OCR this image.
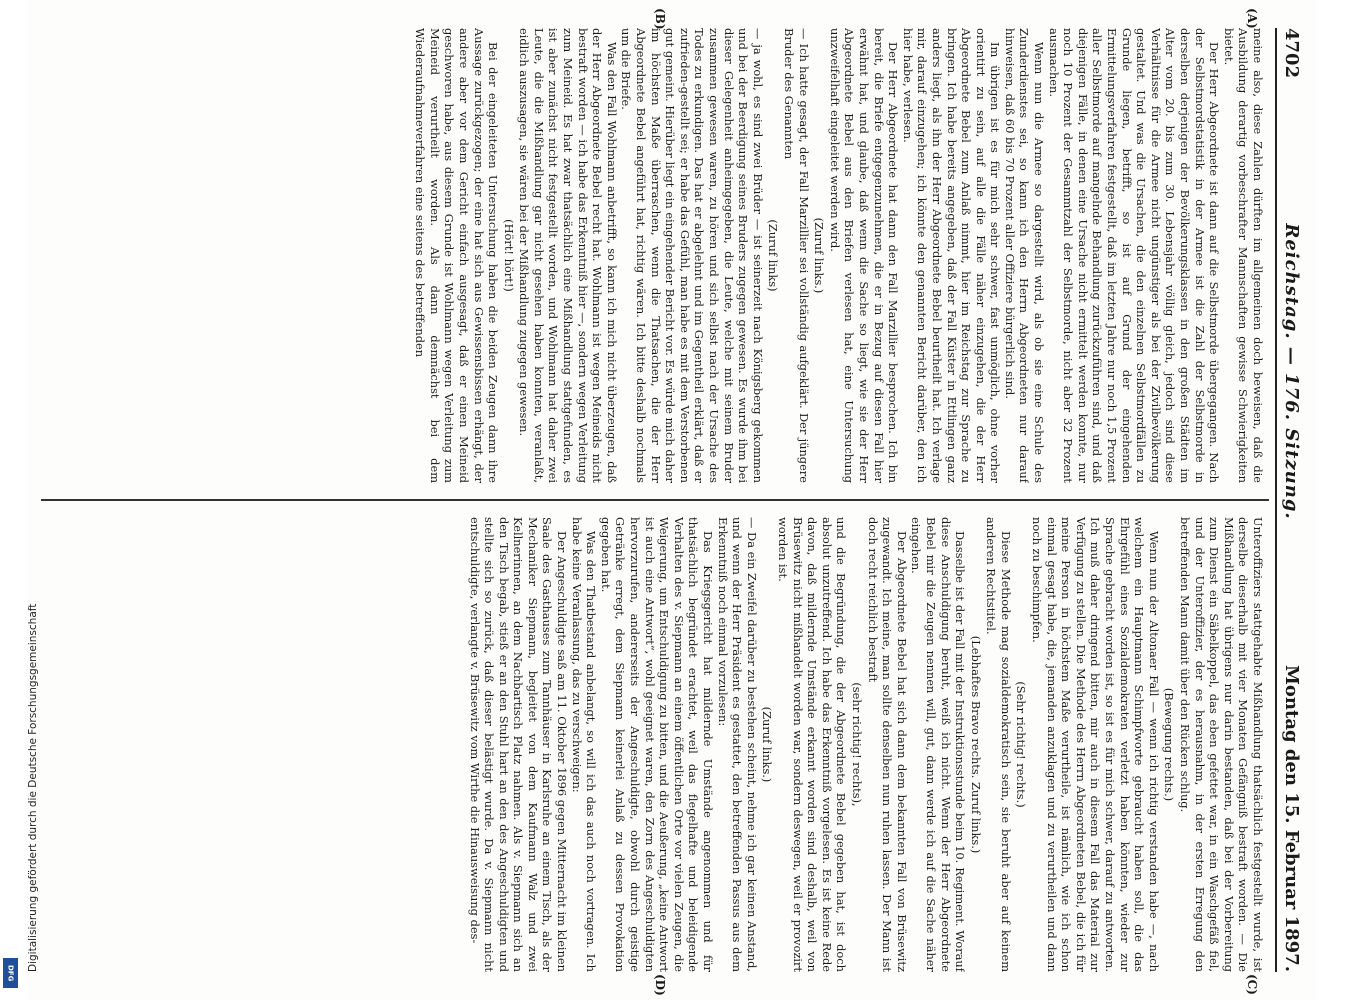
4702
Reichstag. — 176. Sitzung.
Montag den 15. Februar 1897.
(A)
(B)
(C)
(D)

meine also, diese Zahlen dürften im allgemeinen doch beweisen, daß die Ausbildung derartig vorbeschrafter Mannschaften gewisse Schwierigkeiten bietet.

Der Herr Abgeordnete ist dann auf die Selbstmorde übergegangen. Nach der Selbstmordstatistik in der Armee ist die Zahl der Selbstmorde in derselben derjenigen der Bevölkerungsklassen in den großen Städten im Alter vom 20. bis zum 30. Lebensjahr völlig gleich, jedoch sind diese Verhältnisse für die Armee nicht ungünstiger als bei der Zivilbevölkerung gestaltet. Und was die Ursachen, die den einzelnen Selbstmordfällen zu Grunde liegen, betrifft, so ist auf Grund der eingehenden Ermittelungsverfahren festgestellt, daß im letzten Jahre nur noch 1,5 Prozent aller Selbstmorde auf mangelnde Behandlung zurückzuführen sind, und daß diejenigen Fälle, in denen eine Ursache nicht ermittelt werden konnte, nur noch 10 Prozent der Gesammtzahl der Selbstmorde, nicht aber 32 Prozent ausmachen.

Wenn nun die Armee so dargestellt wird, als ob sie eine Schule des Zunderdienstes sei, so kann ich den Herrn Abgeordneten nur darauf hinweisen, daß 60 bis 70 Prozent aller Offiziere bürgerlich sind.

Im übrigen ist es für mich sehr schwer, fast unmöglich, ohne vorher orientirt zu sein, auf alle die Fälle näher einzugehen, die der Herr Abgeordnete Bebel zum Anlaß nimmt, hier im Reichstag zur Sprache zu bringen. Ich habe bereits angegeben, daß der Fall Küster in Ettlingen ganz anders liegt, als ihn der Herr Abgeordnete Bebel beurtheilt hat. Ich verlage mir, darauf einzugehen; ich könnte den genannten Bericht darüber, den ich hier habe, verlesen.

Der Herr Abgeordnete hat dann den Fall Marzillier besprochen. Ich bin bereit, die Briefe entgegenzunehmen, die er in Bezug auf diesen Fall hier erwähnt hat, und glaube, daß wenn die Sache so liegt, wie sie der Herr Abgeordnete Bebel aus den Briefen verlesen hat, eine Untersuchung unzweifelhaft eingeleitet werden wird.

(Zuruf links.)

— Ich hatte gesagt, der Fall Marzillier sei vollständig aufgeklärt. Der jüngere Bruder des Genannten

(Zuruf links)

— ja wohl, es sind zwei Brüder — ist seinerzeit nach Königsberg gekommen und bei der Beerdigung seines Bruders zugegen gewesen. Es wurde ihm bei dieser Gelegenheit anheimgegeben, die Leute, welche mit seinem Bruder zusammen gewesen waren, zu hören und sich selbst nach der Ursache des Todes zu erkundigen. Das hat er abgelehnt und im Gegentheil erklärt, daß er zufrieden-gestellt sei; er habe das Gefühl, man habe es mit dem Verstorbenen gut gemeint. Hierüber liegt ein eingehender Bericht vor. Es würde mich daher im höchsten Maße überraschen, wenn die Thatsachen, die der Herr Abgeordnete Bebel angeführt hat, richtig wären. Ich bitte deshalb nochmals um die Briefe.

Was den Fall Wohlmann anbetrifft, so kann ich mich nicht überzeugen, daß der Herr Abgeordnete Bebel recht hat. Wohlmann ist wegen Meineids nicht bestraft worden — ich habe das Erkenntniß hier —, sondern wegen Verleitung zum Meineid. Es hat zwar thatsächlich eine Mißhandlung stattgefunden, es ist aber zunächst nicht festgestellt worden, und Wohlmann hat daher zwei Leute, die die Mißhandlung gar nicht gesehen haben konnten, veranlaßt, eidlich auszusagen, sie wären bei der Mißhandlung zugegen gewesen.

(Hört! hört!)

Bei der eingeleiteten Untersuchung haben die beiden Zeugen dann ihre Aussage zurückgezogen; der eine hat sich aus Gewissensbissen erhängt, der andere aber vor dem Gericht einfach ausgesagt, daß er einen Meineid geschworen habe, aus diesem Grunde ist Wohlmann wegen Verleitung zum Meineid verurtheilt worden. Als dann demnächst bei dem Wiederaufnahmeverfahren eine seitens des betreffenden

Unteroffiziers stattgehabte Mißhandlung thatsächlich festgestellt wurde, ist derselbe dieserhalb mit vier Monaten Gefängniß bestraft worden. — Die Mißhandlung hat übrigens nur darin bestanden, daß bei der Vorbereitung zum Dienst ein Säbelkoppel, das eben gefettet war, in ein Waschgefäß fiel, und der Unteroffizier, der es herausnahm, in der ersten Erregung den betreffenden Mann damit über den Rücken schlug.

(Bewegung rechts.)

Wenn nun der Altonaer Fall — wenn ich richtig verstanden habe —, nach welchem ein Hauptmann Schimpfworte gebraucht haben soll, die das Ehrgefühl eines Sozialdemokraten verletzt haben könnten, wieder zur Sprache gebracht worden ist, so ist es für mich schwer, darauf zu antworten. Ich muß daher dringend bitten, mir auch in diesem Fall das Material zur Verfügung zu stellen. Die Methode des Herrn Abgeordneten Bebel, die ich für meine Person in höchstem Maße verurtheile, ist nämlich, wie ich schon einmal gesagt habe, die, jemanden anzuklagen und zu verurtheilen und dann noch zu beschimpfen.

(Sehr richtig! rechts.)

Diese Methode mag sozialdemokratisch sein, sie beruht aber auf keinem anderen Rechtstitel.

(Lebhaftes Bravo rechts. Zuruf links.)

Dasselbe ist der Fall mit der Instruktionsstunde beim 10. Regiment. Worauf diese Anschuldigung beruht, weiß ich nicht. Wenn der Herr Abgeordnete Bebel mir die Zeugen nennen will, gut, dann werde ich auf die Sache näher eingehen.

Der Abgeordnete Bebel hat sich dann dem bekannten Fall von Brüsewitz zugewandt. Ich meine, man sollte denselben nun ruhen lassen. Der Mann ist doch recht reichlich bestraft

(sehr richtig! rechts),

und die Begründung, die der Abgeordnete Bebel gegeben hat, ist doch absolut unzutreffend. Ich habe das Erkenntniß vorgelesen. Es ist keine Rede davon, daß mildernde Umstände erkannt worden sind deshalb, weil von Brüsewitz nicht mißhandelt worden war, sondern deswegen, weil er provozirt worden ist.

(Zuruf links.)

— Da ein Zweifel darüber zu bestehen scheint, nehme ich gar keinen Anstand, und wenn der Herr Präsident es gestattet, den betreffenden Passus aus dem Erkenntniß noch einmal vorzulesen:

Das Kriegsgericht hat mildernde Umstände angenommen und für thatsächlich begründet erachtet, weil das flegelhafte und beleidigende Verhalten des v. Siepmann an einem öffentlichen Orte vor vielen Zeugen, die Weigerung, um Entschuldigung zu bitten, und die Aeußerung, „keine Antwort ist auch eine Antwort“, wohl geeignet waren, den Zorn des Angeschuldigten hervorzurufen, andererseits der Angeschuldigte, obwohl durch geistige Getränke erregt, dem Siepmann keinerlei Anlaß zu dessen Provokation gegeben hat.

Was den Thatbestand anbelangt, so will ich das auch noch vortragen. Ich habe keine Veranlassung, das zu verschweigen:

Der Angeschuldigte saß am 11. Oktober 1896 gegen Mitternacht im kleinen Saale des Gasthauses zum Tannhäuser in Karlsruhe an einem Tisch, als der Mechaniker Siepmann, begleitet von dem Kaufmann Walz und zwei Kellnerinnen, an dem Nachbartisch Platz nahmen. Als v. Siepmann sich an den Tisch begab, stieß er an den Stuhl hart an den des Angeschuldigten und stellte sich so zurück, daß dieser belästigt wurde. Da v. Siepmann nicht entschuldigte, verlangte v. Brüsewitz vom Wirthe die Hinausweisung des-

Digitalisierung gefördert durch die Deutsche Forschungsgemeinschaft
DFG
